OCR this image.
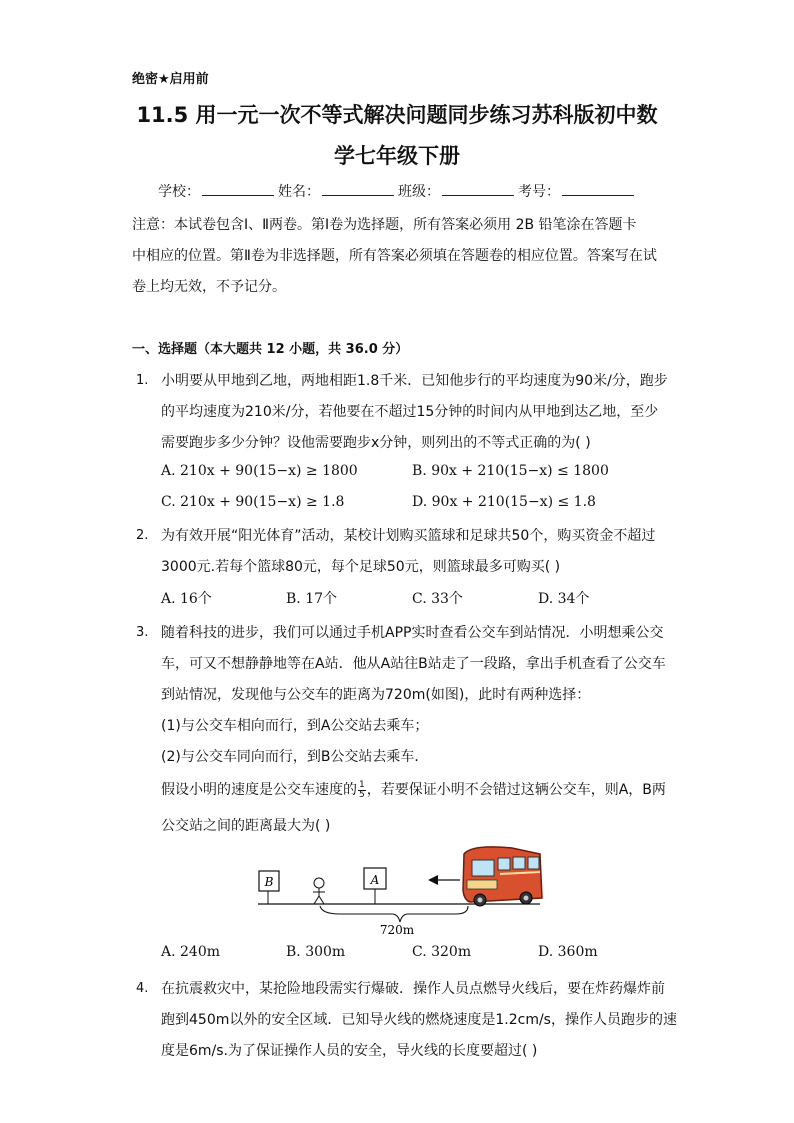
绝密★启用前
11.5 用一元一次不等式解决问题同步练习苏科版初中数
学七年级下册
学校：	姓名：	班级：	考号：
注意：本试卷包含Ⅰ、Ⅱ两卷。第Ⅰ卷为选择题，所有答案必须用 2B 铅笔涂在答题卡
中相应的位置。第Ⅱ卷为非选择题，所有答案必须填在答题卷的相应位置。答案写在试
卷上均无效，不予记分。
一、选择题（本大题共 12 小题，共 36.0 分）
1. 小明要从甲地到乙地，两地相距1.8千米．已知他步行的平均速度为90米/分，跑步
的平均速度为210米/分，若他要在不超过15分钟的时间内从甲地到达乙地，至少
需要跑步多少分钟？设他需要跑步x分钟，则列出的不等式正确的为( )
A. 210x + 90(15−x) ≥ 1800	B. 90x + 210(15−x) ≤ 1800
C. 210x + 90(15−x) ≥ 1.8	D. 90x + 210(15−x) ≤ 1.8
2. 为有效开展“阳光体育”活动，某校计划购买篮球和足球共50个，购买资金不超过
3000元.若每个篮球80元，每个足球50元，则篮球最多可购买( )
A. 16个	B. 17个	C. 33个	D. 34个
3. 随着科技的进步，我们可以通过手机APP实时查看公交车到站情况．小明想乘公交
车，可又不想静静地等在A站．他从A站往B站走了一段路，拿出手机查看了公交车
到站情况，发现他与公交车的距离为720m(如图)，此时有两种选择：
(1)与公交车相向而行，到A公交站去乘车；
(2)与公交车同向而行，到B公交站去乘车．
假设小明的速度是公交车速度的 $\frac{1}{5}$ ，若要保证小明不会错过这辆公交车，则A，B两
公交站之间的距离最大为( )
B	A
720m
A. 240m	B. 300m	C. 320m	D. 360m
4. 在抗震救灾中，某抢险地段需实行爆破．操作人员点燃导火线后，要在炸药爆炸前
跑到450m以外的安全区域．已知导火线的燃烧速度是1.2cm/s，操作人员跑步的速
度是6m/s.为了保证操作人员的安全，导火线的长度要超过( )
